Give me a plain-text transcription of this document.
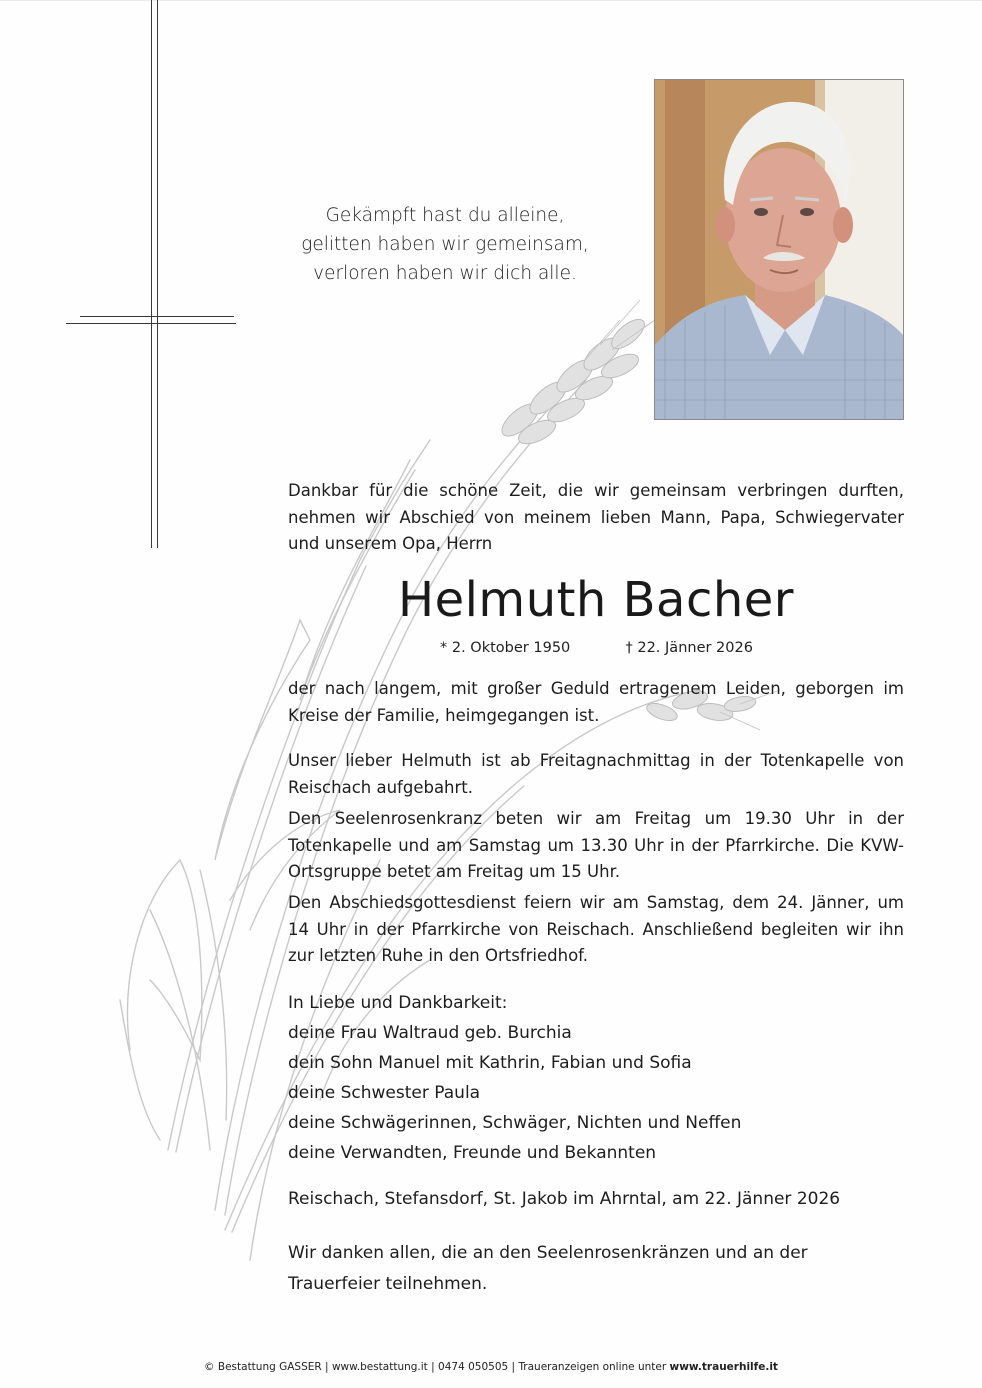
Gekämpft hast du alleine,
gelitten haben wir gemeinsam,
verloren haben wir dich alle.

Dankbar für die schöne Zeit, die wir gemeinsam verbringen durften, nehmen wir Abschied von meinem lieben Mann, Papa, Schwiegervater und unserem Opa, Herrn

Helmuth Bacher
* 2. Oktober 1950	† 22. Jänner 2026

der nach langem, mit großer Geduld ertragenem Leiden, geborgen im Kreise der Familie, heimgegangen ist.

Unser lieber Helmuth ist ab Freitagnachmittag in der Totenkapelle von Reischach aufgebahrt.

Den Seelenrosenkranz beten wir am Freitag um 19.30 Uhr in der Totenkapelle und am Samstag um 13.30 Uhr in der Pfarrkirche. Die KVW-Ortsgruppe betet am Freitag um 15 Uhr.

Den Abschiedsgottesdienst feiern wir am Samstag, dem 24. Jänner, um 14 Uhr in der Pfarrkirche von Reischach. Anschließend begleiten wir ihn zur letzten Ruhe in den Ortsfriedhof.

In Liebe und Dankbarkeit:
deine Frau Waltraud geb. Burchia
dein Sohn Manuel mit Kathrin, Fabian und Sofia
deine Schwester Paula
deine Schwägerinnen, Schwäger, Nichten und Neffen
deine Verwandten, Freunde und Bekannten
Reischach, Stefansdorf, St. Jakob im Ahrntal, am 22. Jänner 2026
Wir danken allen, die an den Seelenrosenkränzen und an der Trauerfeier teilnehmen.
© Bestattung GASSER | www.bestattung.it | 0474 050505 | Traueranzeigen online unter www.trauerhilfe.it
